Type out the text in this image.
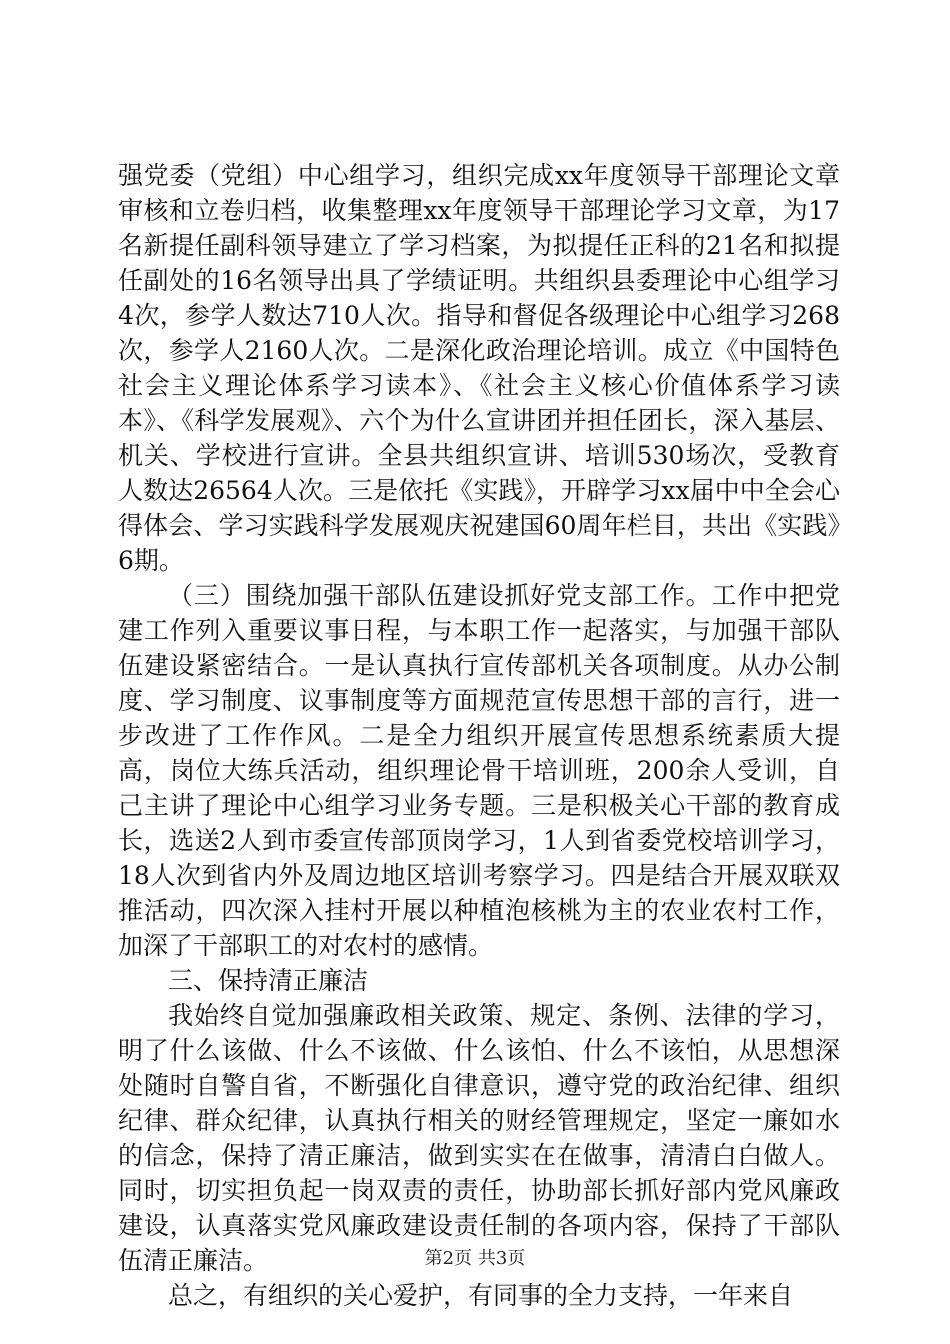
强党委（党组）中心组学习，组织完成xx年度领导干部理论文章审核和立卷归档，收集整理xx年度领导干部理论学习文章，为17名新提任副科领导建立了学习档案，为拟提任正科的21名和拟提任副处的16名领导出具了学绩证明。共组织县委理论中心组学习4次，参学人数达710人次。指导和督促各级理论中心组学习268次，参学人2160人次。二是深化政治理论培训。成立《中国特色社会主义理论体系学习读本》、《社会主义核心价值体系学习读本》、《科学发展观》、六个为什么宣讲团并担任团长，深入基层、机关、学校进行宣讲。全县共组织宣讲、培训530场次，受教育人数达26564人次。三是依托《实践》，开辟学习xx届中中全会心得体会、学习实践科学发展观庆祝建国60周年栏目，共出《实践》6期。

（三）围绕加强干部队伍建设抓好党支部工作。工作中把党建工作列入重要议事日程，与本职工作一起落实，与加强干部队伍建设紧密结合。一是认真执行宣传部机关各项制度。从办公制度、学习制度、议事制度等方面规范宣传思想干部的言行，进一步改进了工作作风。二是全力组织开展宣传思想系统素质大提高，岗位大练兵活动，组织理论骨干培训班，200余人受训，自己主讲了理论中心组学习业务专题。三是积极关心干部的教育成长，选送2人到市委宣传部顶岗学习，1人到省委党校培训学习，18人次到省内外及周边地区培训考察学习。四是结合开展双联双推活动，四次深入挂村开展以种植泡核桃为主的农业农村工作，加深了干部职工的对农村的感情。

三、保持清正廉洁

我始终自觉加强廉政相关政策、规定、条例、法律的学习，明了什么该做、什么不该做、什么该怕、什么不该怕，从思想深处随时自警自省，不断强化自律意识，遵守党的政治纪律、组织纪律、群众纪律，认真执行相关的财经管理规定，坚定一廉如水的信念，保持了清正廉洁，做到实实在在做事，清清白白做人。同时，切实担负起一岗双责的责任，协助部长抓好部内党风廉政建设，认真落实党风廉政建设责任制的各项内容，保持了干部队伍清正廉洁。

总之，有组织的关心爱护，有同事的全力支持，一年来自

第2页 共3页
